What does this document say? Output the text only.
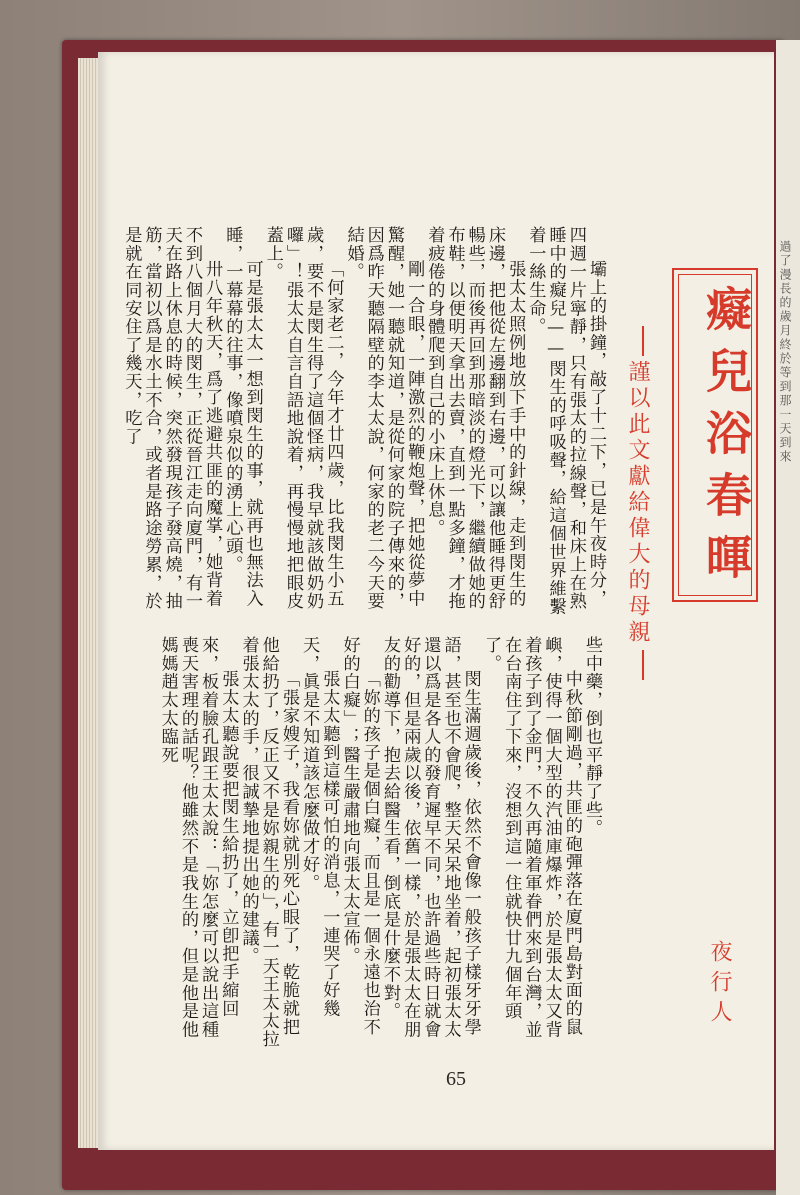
過了漫長的歲月終於等到那一天到來
癡兒浴春暉
謹以此文獻給偉大的母親

壩上的掛鐘，敲了十二下，已是午夜時分，四週一片寧靜，只有張太的拉線聲，和床上在熟睡中的癡兒——閔生的呼吸聲，給這個世界維繫着一絲生命。

張太太照例地放下手中的針線，走到閔生的床邊，把他從左邊翻到右邊，可以讓他睡得更舒暢些，而後再回到那暗淡的燈光下，繼續做她的布鞋，以便明天拿出去賣，直到一點多鐘，才拖着疲倦的身體爬到自己的小床上休息。

剛一合眼，一陣激烈的鞭炮聲，把她從夢中驚醒，她一聽就知道，是從何家的院子傳來的，因爲昨天聽隔壁的李太太說，何家的老二今天要結婚。

「何家老二，今年才廿四歲，比我閔生小五歲，要不是閔生得了這個怪病，我早就該做奶奶囉」！張太太自言自語地說着，再慢慢地把眼皮蓋上。

可是張太太一想到閔生的事，就再也無法入睡，一幕幕的往事，像噴泉似的湧上心頭。

卅八年秋天，爲了逃避共匪的魔掌，她背着不到八個月大的閔生，正從晉江走向廈門，有一天在路上休息的時候，突然發現孩子發高燒，抽筋，當初以爲是水土不合，或者是路途勞累，於是就在同安住了幾天，吃了

些中藥，倒也平靜了些。

中秋節剛過，共匪的砲彈落在廈門島對面的鼠嶼，使得一個大型的汽油庫爆炸，於是張太太又背着孩子到了金門，不久再隨着軍眷們來到台灣，並在台南住了下來，沒想到這一住就快廿九個年頭了。

閔生滿週歲後，依然不會像一般孩子樣牙牙學語，甚至也不會爬，整天呆呆地坐着，起初張太太還以爲是各人的發育遲早不同，也許過些時日就會好的，但是兩歲以後，依舊一樣，於是張太太在朋友的勸導下，抱去給醫生看，倒底是什麼不對。

「妳的孩子是個白癡，而且是一個永遠也治不好的白癡」；醫生嚴肅地向張太太宣佈。

張太太聽到這樣可怕的消息，一連哭了好幾天，眞是不知道該怎麼做才好。

「張家嫂子，我看妳就別死心眼了，乾脆就把他給扔了，反正又不是妳親生的」，有一天王太太拉着張太太的手，很誠摯地提出她的建議。

張太太聽說要把閔生給扔了，立卽把手縮回來，板着臉孔跟王太太說：「妳怎麼可以說出這種喪天害理的話呢？他雖然不是我生的，但是他是他媽媽趙太太臨死

夜行人
65
